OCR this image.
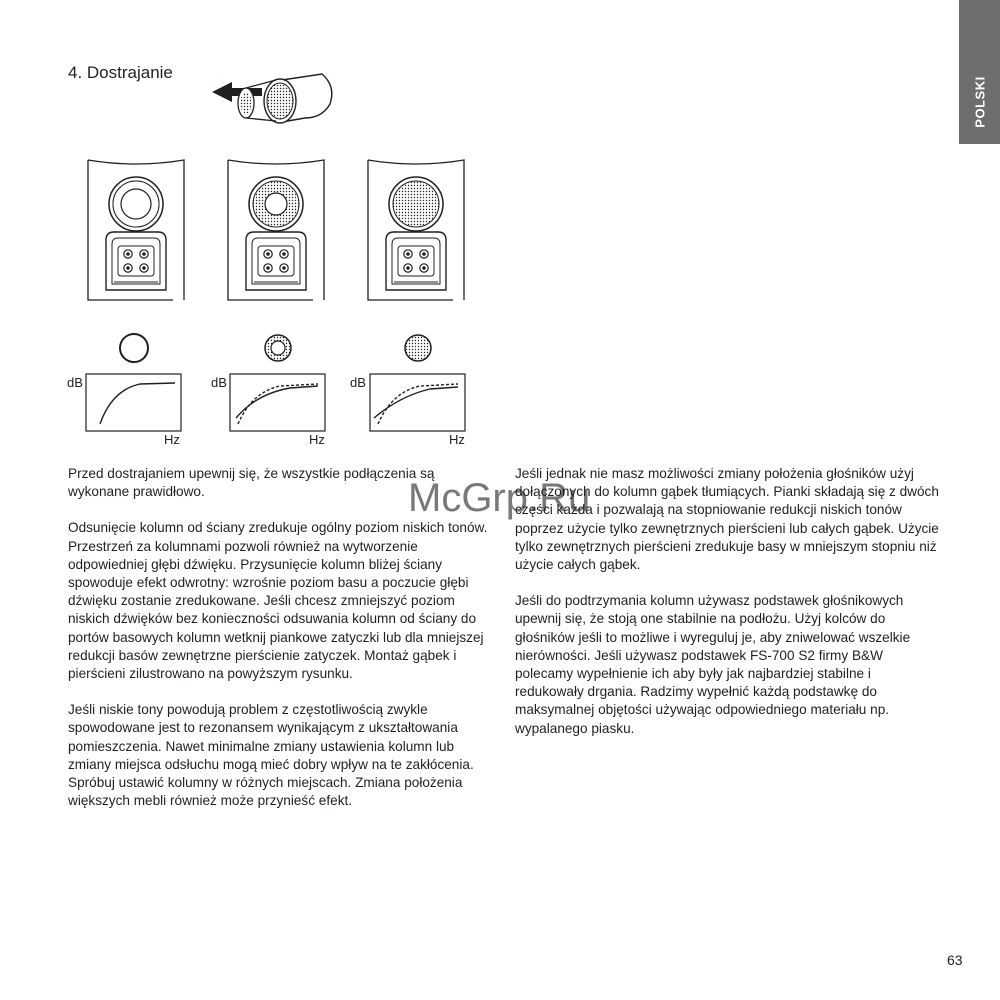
POLSKI
4. Dostrajanie
dB
Hz
dB
Hz
dB
Hz

Przed dostrajaniem upewnij się, że wszystkie podłączenia są wykonane prawidłowo.

Odsunięcie kolumn od ściany zredukuje ogólny poziom niskich tonów. Przestrzeń za kolumnami pozwoli również na wytworzenie odpowiedniej głębi dźwięku. Przysunięcie kolumn bliżej ściany spowoduje efekt odwrotny: wzrośnie poziom basu a poczucie głębi dźwięku zostanie zredukowane. Jeśli chcesz zmniejszyć poziom niskich dźwięków bez konieczności odsuwania kolumn od ściany do portów basowych kolumn wetknij piankowe zatyczki lub dla mniejszej redukcji basów zewnętrzne pierścienie zatyczek. Montaż gąbek i pierścieni zilustrowano na powyższym rysunku.

Jeśli niskie tony powodują problem z częstotliwością zwykle spowodowane jest to rezonansem wynikającym z ukształtowania pomieszczenia. Nawet minimalne zmiany ustawienia kolumn lub zmiany miejsca odsłuchu mogą mieć dobry wpływ na te zakłócenia. Spróbuj ustawić kolumny w różnych miejscach. Zmiana położenia większych mebli również może przynieść efekt.

Jeśli jednak nie masz możliwości zmiany położenia głośników użyj dołączonych do kolumn gąbek tłumiących. Pianki składają się z dwóch części każda i pozwalają na stopniowanie redukcji niskich tonów poprzez użycie tylko zewnętrznych pierścieni lub całych gąbek. Użycie tylko zewnętrznych pierścieni zredukuje basy w mniejszym stopniu niż użycie całych gąbek.

Jeśli do podtrzymania kolumn używasz podstawek głośnikowych upewnij się, że stoją one stabilnie na podłożu. Użyj kolców do głośników jeśli to możliwe i wyreguluj je, aby zniwelować wszelkie nierówności. Jeśli używasz podstawek FS-700 S2 firmy B&W polecamy wypełnienie ich aby były jak najbardziej stabilne i redukowały drgania. Radzimy wypełnić każdą podstawkę do maksymalnej objętości używając odpowiedniego materiału np. wypalanego piasku.

McGrp.Ru
63
